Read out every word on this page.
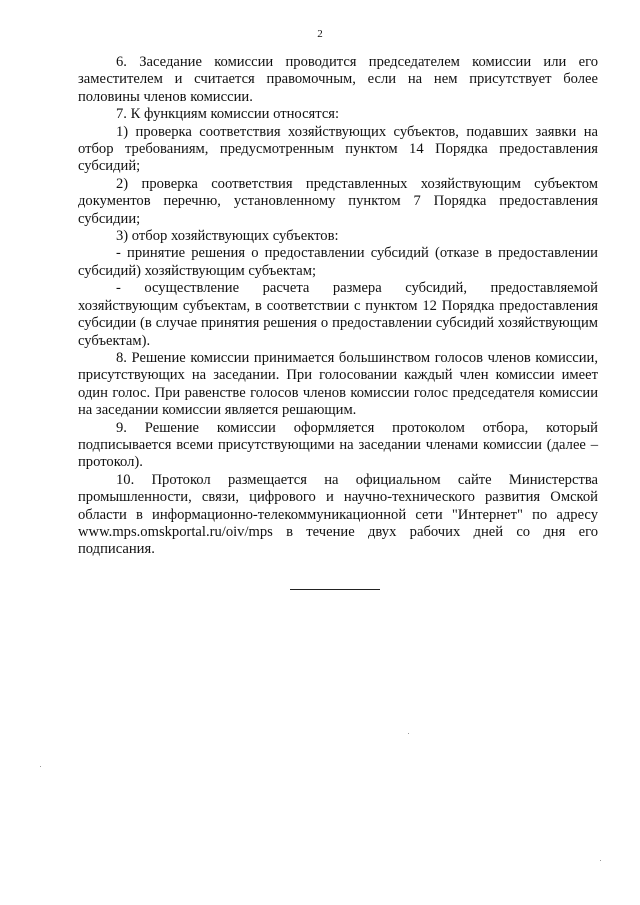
2

6. Заседание комиссии проводится председателем комиссии или его заместителем и считается правомочным, если на нем присутствует более половины членов комиссии.

7. К функциям комиссии относятся:

1) проверка соответствия хозяйствующих субъектов, подавших заявки на отбор требованиям, предусмотренным пунктом 14 Порядка предоставления субсидий;

2) проверка соответствия представленных хозяйствующим субъектом документов перечню, установленному пунктом 7 Порядка предоставления субсидии;

3) отбор хозяйствующих субъектов:

- принятие решения о предоставлении субсидий (отказе в предоставлении субсидий) хозяйствующим субъектам;

- осуществление расчета размера субсидий, предоставляемой хозяйствующим субъектам, в соответствии с пунктом 12 Порядка предоставления субсидии (в случае принятия решения о предоставлении субсидий хозяйствующим субъектам).

8. Решение комиссии принимается большинством голосов членов комиссии, присутствующих на заседании. При голосовании каждый член комиссии имеет один голос. При равенстве голосов членов комиссии голос председателя комиссии на заседании комиссии является решающим.

9. Решение комиссии оформляется протоколом отбора, который подписывается всеми присутствующими на заседании членами комиссии (далее – протокол).

10. Протокол размещается на официальном сайте Министерства промышленности, связи, цифрового и научно-технического развития Омской области в информационно-телекоммуникационной сети "Интернет" по адресу www.mps.omskportal.ru/oiv/mps в течение двух рабочих дней со дня его подписания.
